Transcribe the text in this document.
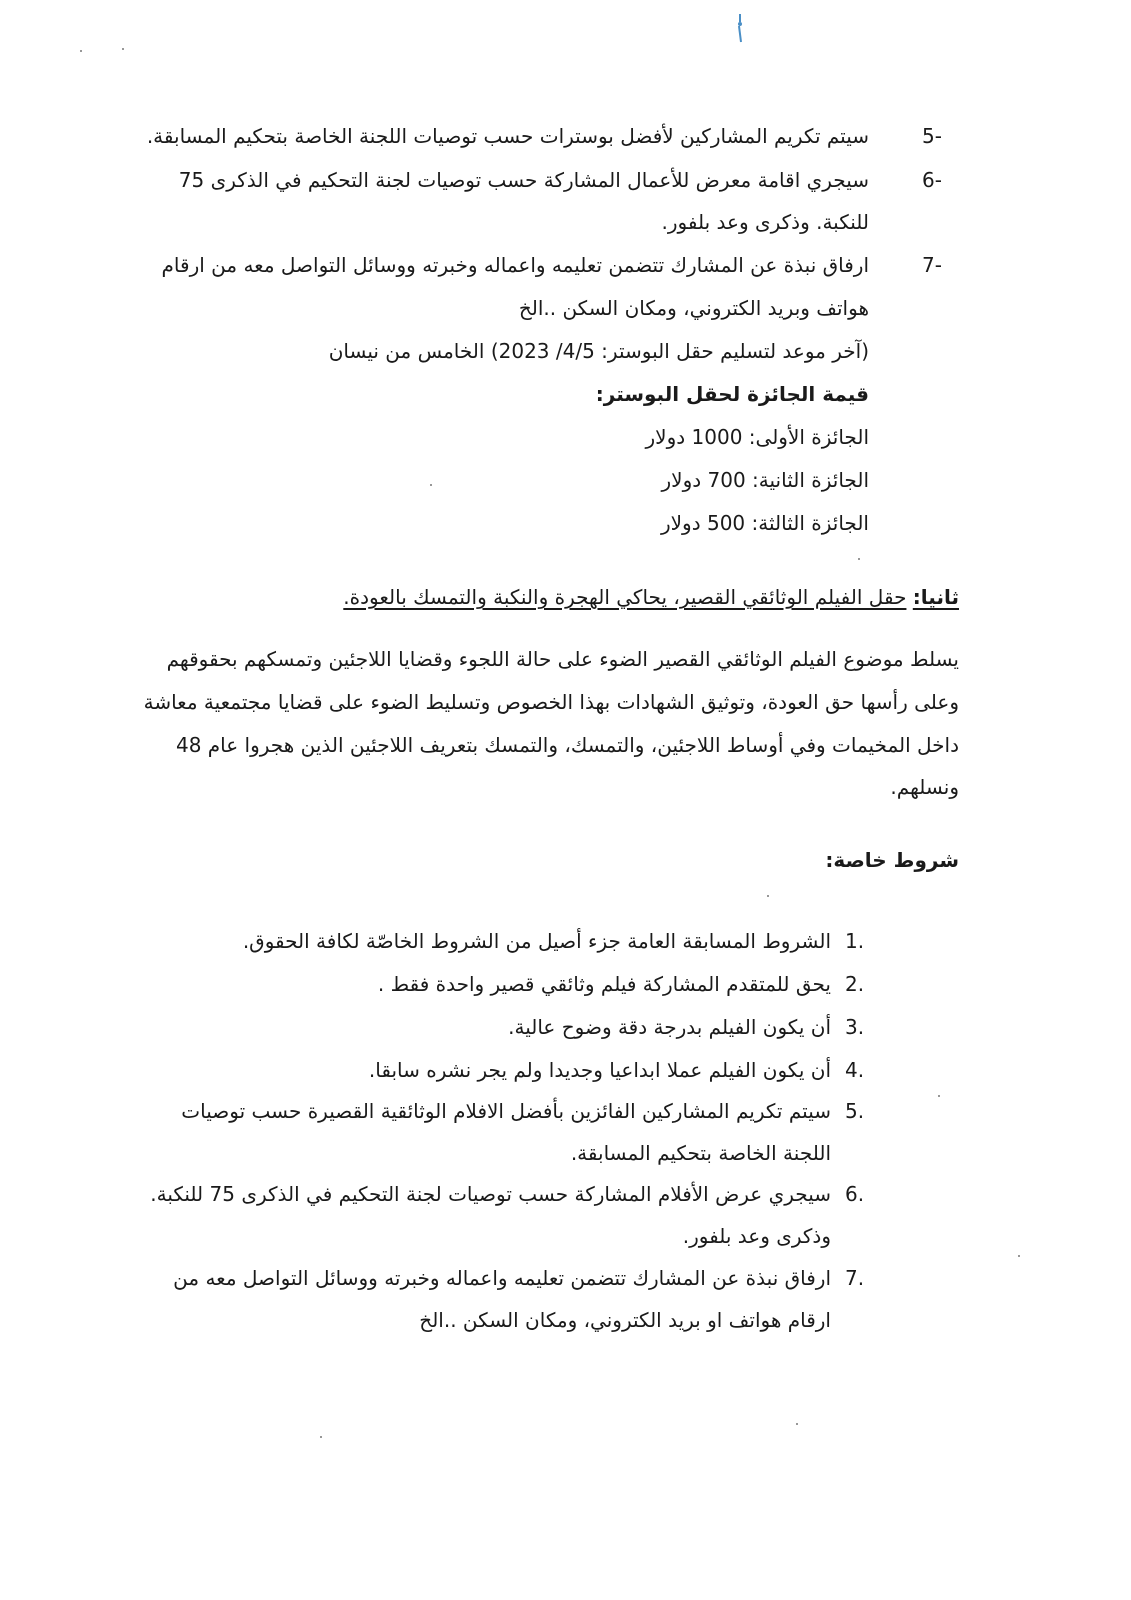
5-
سيتم تكريم المشاركين لأفضل بوسترات حسب توصيات اللجنة الخاصة بتحكيم المسابقة.
6-
سيجري اقامة معرض للأعمال المشاركة حسب توصيات لجنة التحكيم في الذكرى 75
للنكبة. وذكرى وعد بلفور.
7-
ارفاق نبذة عن المشارك تتضمن تعليمه واعماله وخبرته ووسائل التواصل معه من ارقام
هواتف وبريد الكتروني، ومكان السكن ..الخ
(آخر موعد لتسليم حقل البوستر: 4/5/ 2023) الخامس من نيسان
قيمة الجائزة لحقل البوستر:
الجائزة الأولى: 1000 دولار
الجائزة الثانية: 700 دولار
الجائزة الثالثة: 500 دولار
ثانيا: حقل الفيلم الوثائقي القصير، يحاكي الهجرة والنكبة والتمسك بالعودة.
يسلط موضوع الفيلم الوثائقي القصير الضوء على حالة اللجوء وقضايا اللاجئين وتمسكهم بحقوقهم
وعلى رأسها حق العودة، وتوثيق الشهادات بهذا الخصوص وتسليط الضوء على قضايا مجتمعية معاشة
داخل المخيمات وفي أوساط اللاجئين، والتمسك، والتمسك بتعريف اللاجئين الذين هجروا عام 48
ونسلهم.
شروط خاصة:
1.
الشروط المسابقة العامة جزء أصيل من الشروط الخاصّة لكافة الحقوق.
2.
يحق للمتقدم المشاركة فيلم وثائقي قصير واحدة فقط .
3.
أن يكون الفيلم بدرجة دقة وضوح عالية.
4.
أن يكون الفيلم عملا ابداعيا وجديدا ولم يجر نشره سابقا.
5.
سيتم تكريم المشاركين الفائزين بأفضل الافلام الوثائقية القصيرة حسب توصيات
اللجنة الخاصة بتحكيم المسابقة.
6.
سيجري عرض الأفلام المشاركة حسب توصيات لجنة التحكيم في الذكرى 75 للنكبة.
وذكرى وعد بلفور.
7.
ارفاق نبذة عن المشارك تتضمن تعليمه واعماله وخبرته ووسائل التواصل معه من
ارقام هواتف او بريد الكتروني، ومكان السكن ..الخ
